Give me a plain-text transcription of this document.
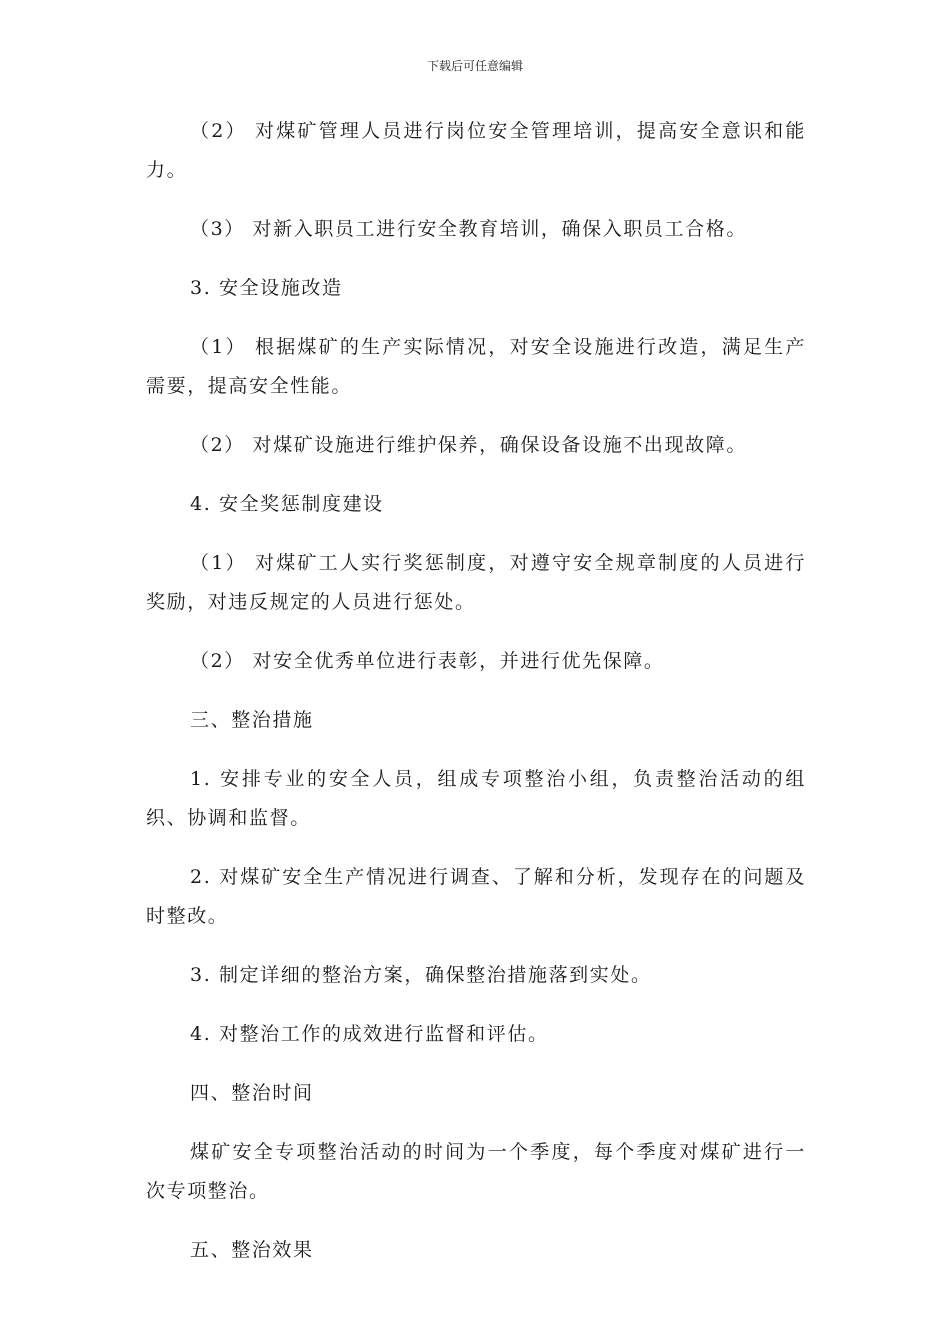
下载后可任意编辑

（2） 对煤矿管理人员进行岗位安全管理培训，提高安全意识和能力。

（3） 对新入职员工进行安全教育培训，确保入职员工合格。

3. 安全设施改造

（1） 根据煤矿的生产实际情况，对安全设施进行改造，满足生产需要，提高安全性能。

（2） 对煤矿设施进行维护保养，确保设备设施不出现故障。

4. 安全奖惩制度建设

（1） 对煤矿工人实行奖惩制度，对遵守安全规章制度的人员进行奖励，对违反规定的人员进行惩处。

（2） 对安全优秀单位进行表彰，并进行优先保障。

三、整治措施

1. 安排专业的安全人员，组成专项整治小组，负责整治活动的组织、协调和监督。

2. 对煤矿安全生产情况进行调查、了解和分析，发现存在的问题及时整改。

3. 制定详细的整治方案，确保整治措施落到实处。

4. 对整治工作的成效进行监督和评估。

四、整治时间

煤矿安全专项整治活动的时间为一个季度，每个季度对煤矿进行一次专项整治。

五、整治效果
